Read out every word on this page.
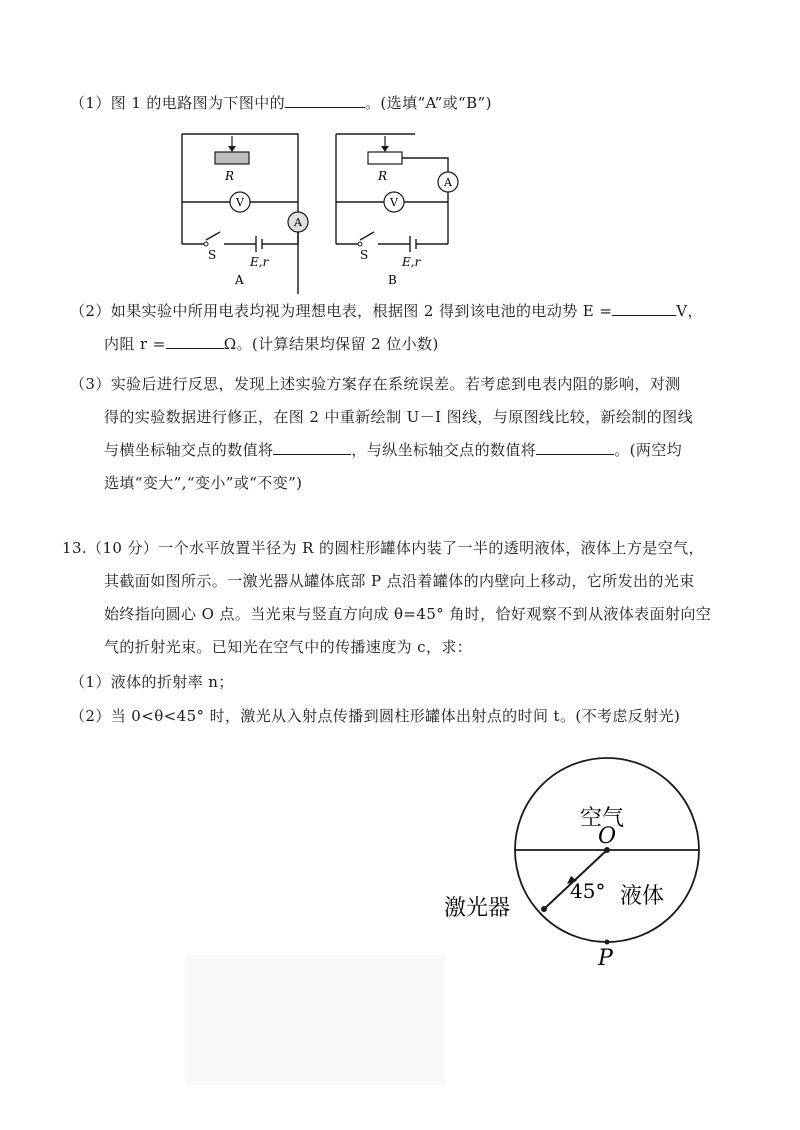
（1）图 1 的电路图为下图中的	。(选填“A”或“B”)
R
V
A
S	E,r
A
R
V
A
S	E,r
B
（2）如果实验中所用电表均视为理想电表，根据图 2 得到该电池的电动势 E =	V，
内阻 r =	Ω。(计算结果均保留 2 位小数)
（3）实验后进行反思，发现上述实验方案存在系统误差。若考虑到电表内阻的影响，对测
得的实验数据进行修正，在图 2 中重新绘制 U－I 图线，与原图线比较，新绘制的图线
与横坐标轴交点的数值将	，与纵坐标轴交点的数值将	。(两空均
选填“变大”,“变小”或“不变”)
13.（10 分）一个水平放置半径为 R 的圆柱形罐体内装了一半的透明液体，液体上方是空气，
其截面如图所示。一激光器从罐体底部 P 点沿着罐体的内壁向上移动，它所发出的光束
始终指向圆心 O 点。当光束与竖直方向成 θ=45° 角时，恰好观察不到从液体表面射向空
气的折射光束。已知光在空气中的传播速度为 c，求：
（1）液体的折射率 n；
（2）当 0<θ<45° 时，激光从入射点传播到圆柱形罐体出射点的时间 t。(不考虑反射光)
空气
O
45° 液体
激光器
P
